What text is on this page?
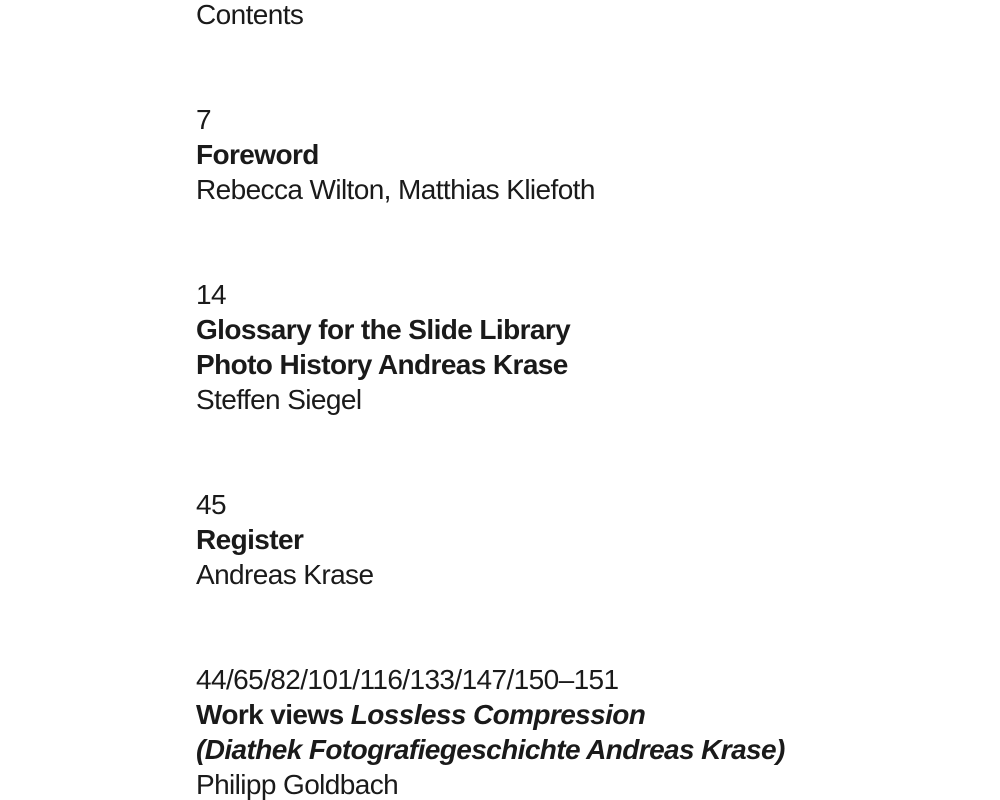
Contents
7
Foreword
Rebecca Wilton, Matthias Kliefoth
14
Glossary for the Slide Library
Photo History Andreas Krase
Steffen Siegel
45
Register
Andreas Krase
44/65/82/101/116/133/147/150–151
Work views Lossless Compression
(Diathek Fotografiegeschichte Andreas Krase)
Philipp Goldbach
